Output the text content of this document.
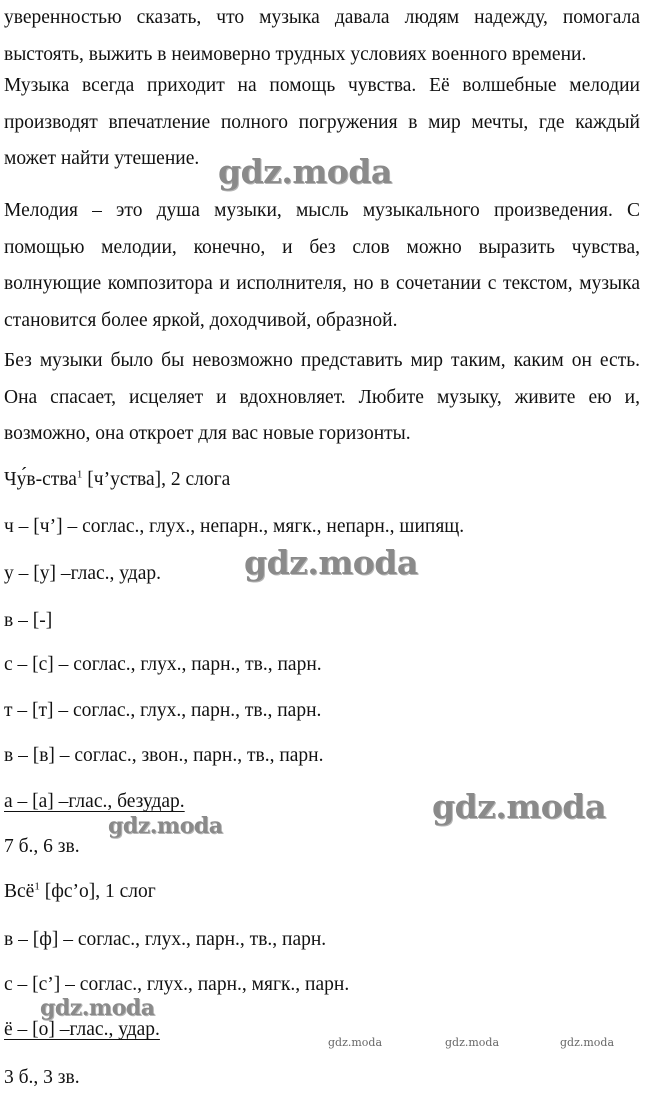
уверенностью сказать, что музыка давала людям надежду, помогала выстоять, выжить в неимоверно трудных условиях военного времени.

Музыка всегда приходит на помощь чувства. Её волшебные мелодии производят впечатление полного погружения в мир мечты, где каждый может найти утешение.

Мелодия – это душа музыки, мысль музыкального произведения. С помощью мелодии, конечно, и без слов можно выразить чувства, волнующие композитора и исполнителя, но в сочетании с текстом, музыка становится более яркой, доходчивой, образной.

Без музыки было бы невозможно представить мир таким, каким он есть. Она спасает, исцеляет и вдохновляет. Любите музыку, живите ею и, возможно, она откроет для вас новые горизонты.

Чу́в-ства$^1$ [ч’уства], 2 слога
ч – [ч’] – соглас., глух., непарн., мягк., непарн., шипящ.
у – [у] –глас., удар.
в – [-]
с – [с] – соглас., глух., парн., тв., парн.
т – [т] – соглас., глух., парн., тв., парн.
в – [в] – соглас., звон., парн., тв., парн.
а – [а] –глас., безудар.
7 б., 6 зв.
Всё$^1$ [фс’о], 1 слог
в – [ф] – соглас., глух., парн., тв., парн.
с – [с’] – соглас., глух., парн., мягк., парн.
ё – [о] –глас., удар.
3 б., 3 зв.
gdz.moda
gdz.moda
gdz.moda
gdz.moda
gdz.moda
gdz.moda	gdz.moda	gdz.moda
